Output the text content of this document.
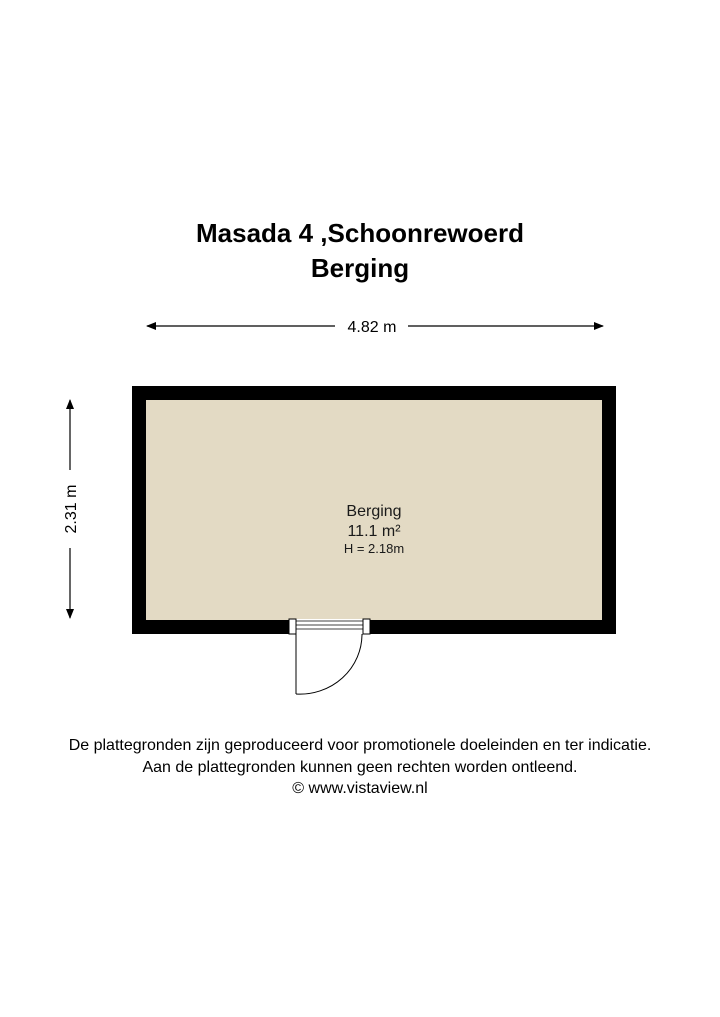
Masada 4 ,Schoonrewoerd
Berging
4.82 m
2.31 m	Berging
11.1 m²
H = 2.18m
De plattegronden zijn geproduceerd voor promotionele doeleinden en ter indicatie.
Aan de plattegronden kunnen geen rechten worden ontleend.
© www.vistaview.nl
